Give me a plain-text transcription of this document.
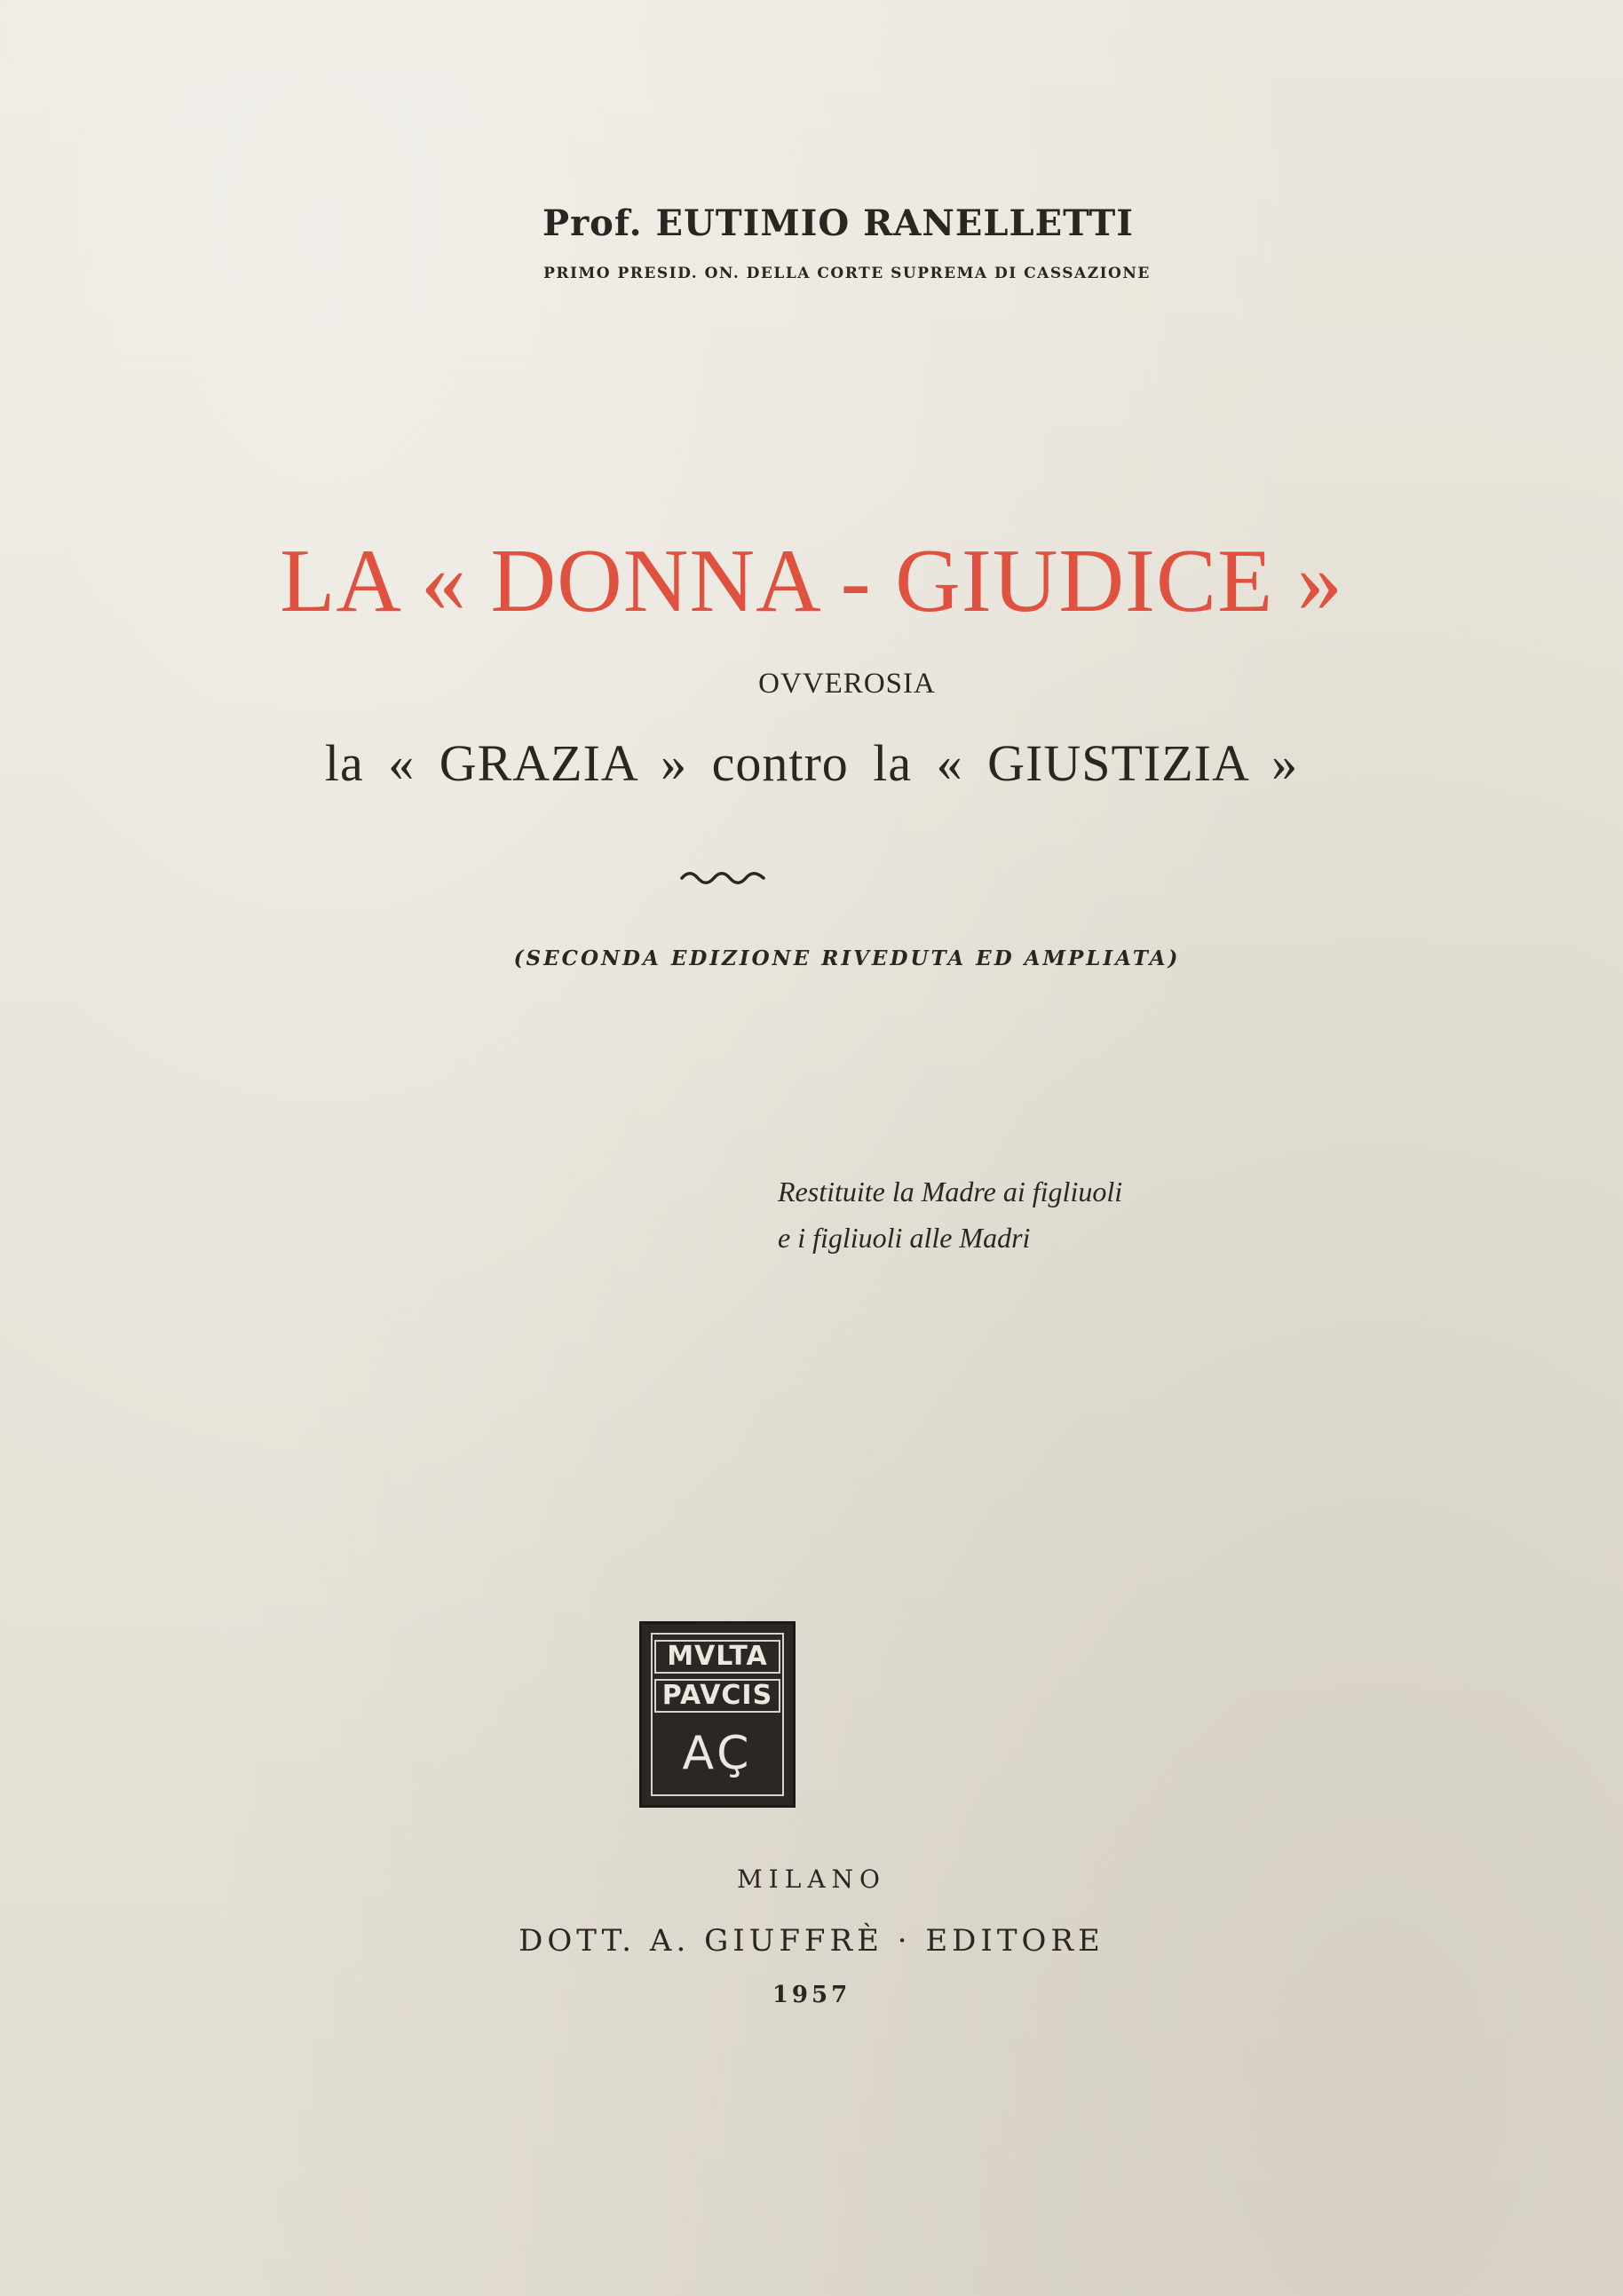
Prof. EUTIMIO RANELLETTI
PRIMO PRESID. ON. DELLA CORTE SUPREMA DI CASSAZIONE
LA « DONNA - GIUDICE »
OVVEROSIA
la « GRAZIA » contro la « GIUSTIZIA »
(SECONDA EDIZIONE RIVEDUTA ED AMPLIATA)
Restituite la Madre ai figliuoli
e i figliuoli alle Madri
MVLTA
PAVCIS
AÇ
MILANO
DOTT. A. GIUFFRÈ · EDITORE
1957
